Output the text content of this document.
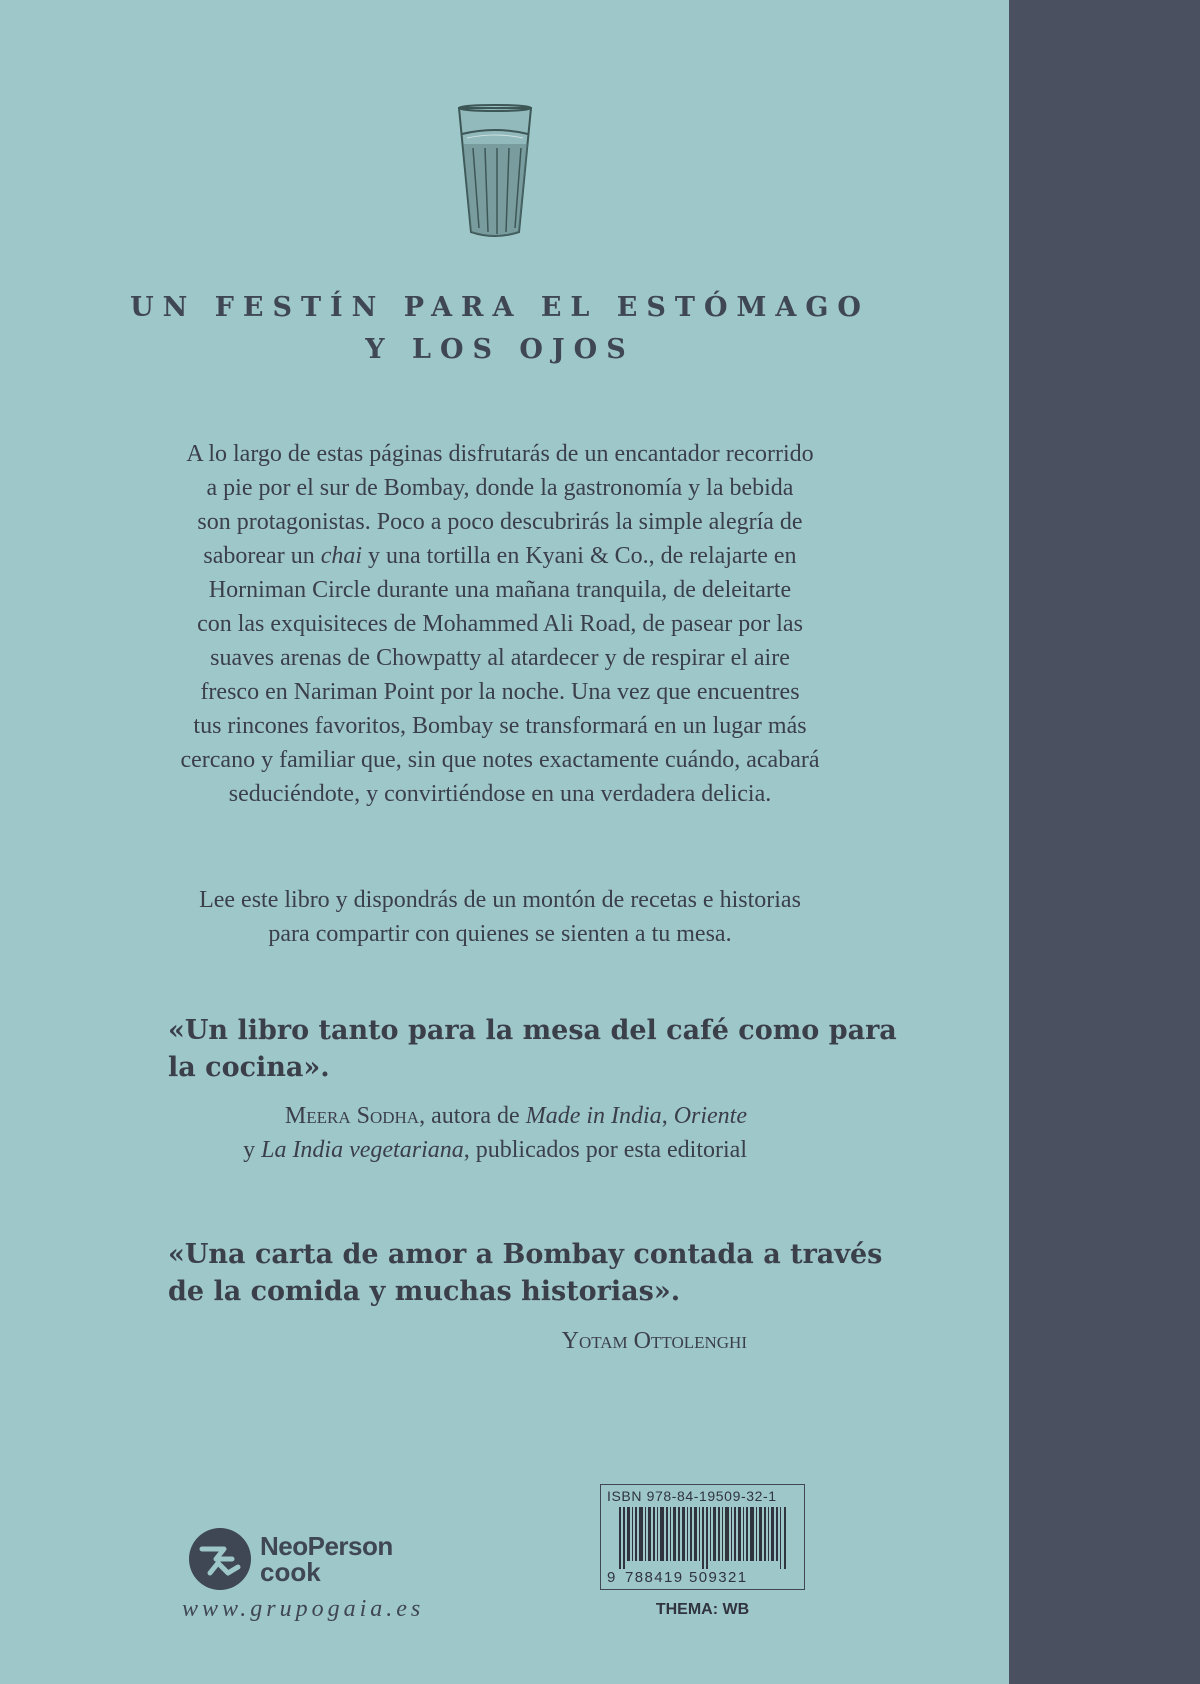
UN FESTÍN PARA EL ESTÓMAGO
Y LOS OJOS
A lo largo de estas páginas disfrutarás de un encantador recorrido
a pie por el sur de Bombay, donde la gastronomía y la bebida
son protagonistas. Poco a poco descubrirás la simple alegría de
saborear un chai y una tortilla en Kyani & Co., de relajarte en
Horniman Circle durante una mañana tranquila, de deleitarte
con las exquisiteces de Mohammed Ali Road, de pasear por las
suaves arenas de Chowpatty al atardecer y de respirar el aire
fresco en Nariman Point por la noche. Una vez que encuentres
tus rincones favoritos, Bombay se transformará en un lugar más
cercano y familiar que, sin que notes exactamente cuándo, acabará
seduciéndote, y convirtiéndose en una verdadera delicia.
Lee este libro y dispondrás de un montón de recetas e historias
para compartir con quienes se sienten a tu mesa.
«Un libro tanto para la mesa del café como para
la cocina».
Meera Sodha, autora de Made in India, Oriente
y La India vegetariana, publicados por esta editorial
«Una carta de amor a Bombay contada a través
de la comida y muchas historias».
Yotam Ottolenghi
NeoPerson
cook
www.grupogaia.es
ISBN 978-84-19509-32-1
9 788419 509321
THEMA: WB
